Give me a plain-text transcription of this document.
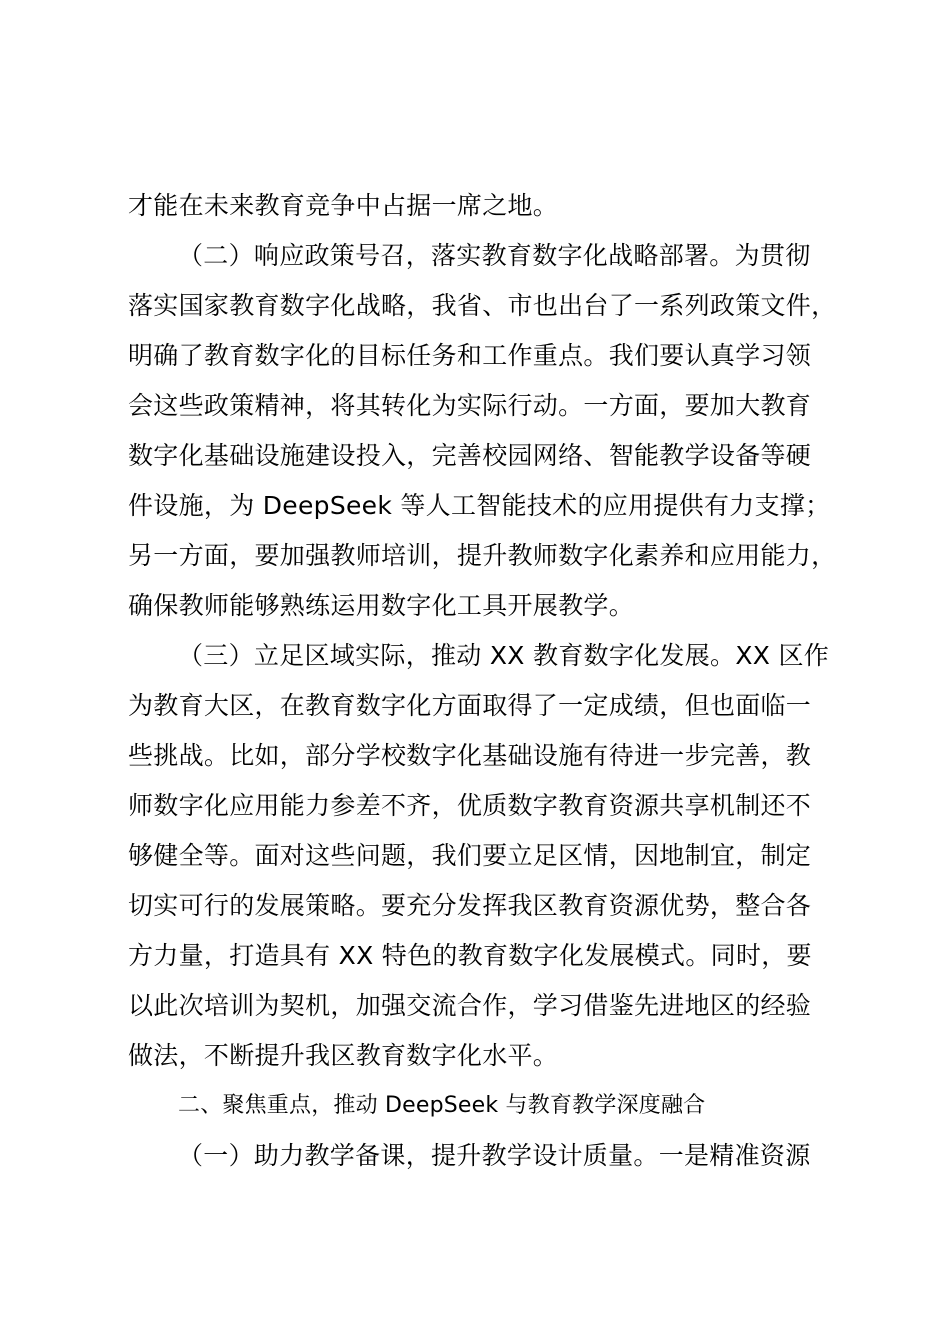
才能在未来教育竞争中占据一席之地。
（二）响应政策号召，落实教育数字化战略部署。为贯彻
落实国家教育数字化战略，我省、市也出台了一系列政策文件，
明确了教育数字化的目标任务和工作重点。我们要认真学习领
会这些政策精神，将其转化为实际行动。一方面，要加大教育
数字化基础设施建设投入，完善校园网络、智能教学设备等硬
件设施，为 DeepSeek 等人工智能技术的应用提供有力支撑；
另一方面，要加强教师培训，提升教师数字化素养和应用能力，
确保教师能够熟练运用数字化工具开展教学。
（三）立足区域实际，推动 XX 教育数字化发展。XX 区作
为教育大区，在教育数字化方面取得了一定成绩，但也面临一
些挑战。比如，部分学校数字化基础设施有待进一步完善，教
师数字化应用能力参差不齐，优质数字教育资源共享机制还不
够健全等。面对这些问题，我们要立足区情，因地制宜，制定
切实可行的发展策略。要充分发挥我区教育资源优势，整合各
方力量，打造具有 XX 特色的教育数字化发展模式。同时，要
以此次培训为契机，加强交流合作，学习借鉴先进地区的经验
做法，不断提升我区教育数字化水平。
二、聚焦重点，推动 DeepSeek 与教育教学深度融合
（一）助力教学备课，提升教学设计质量。一是精准资源
